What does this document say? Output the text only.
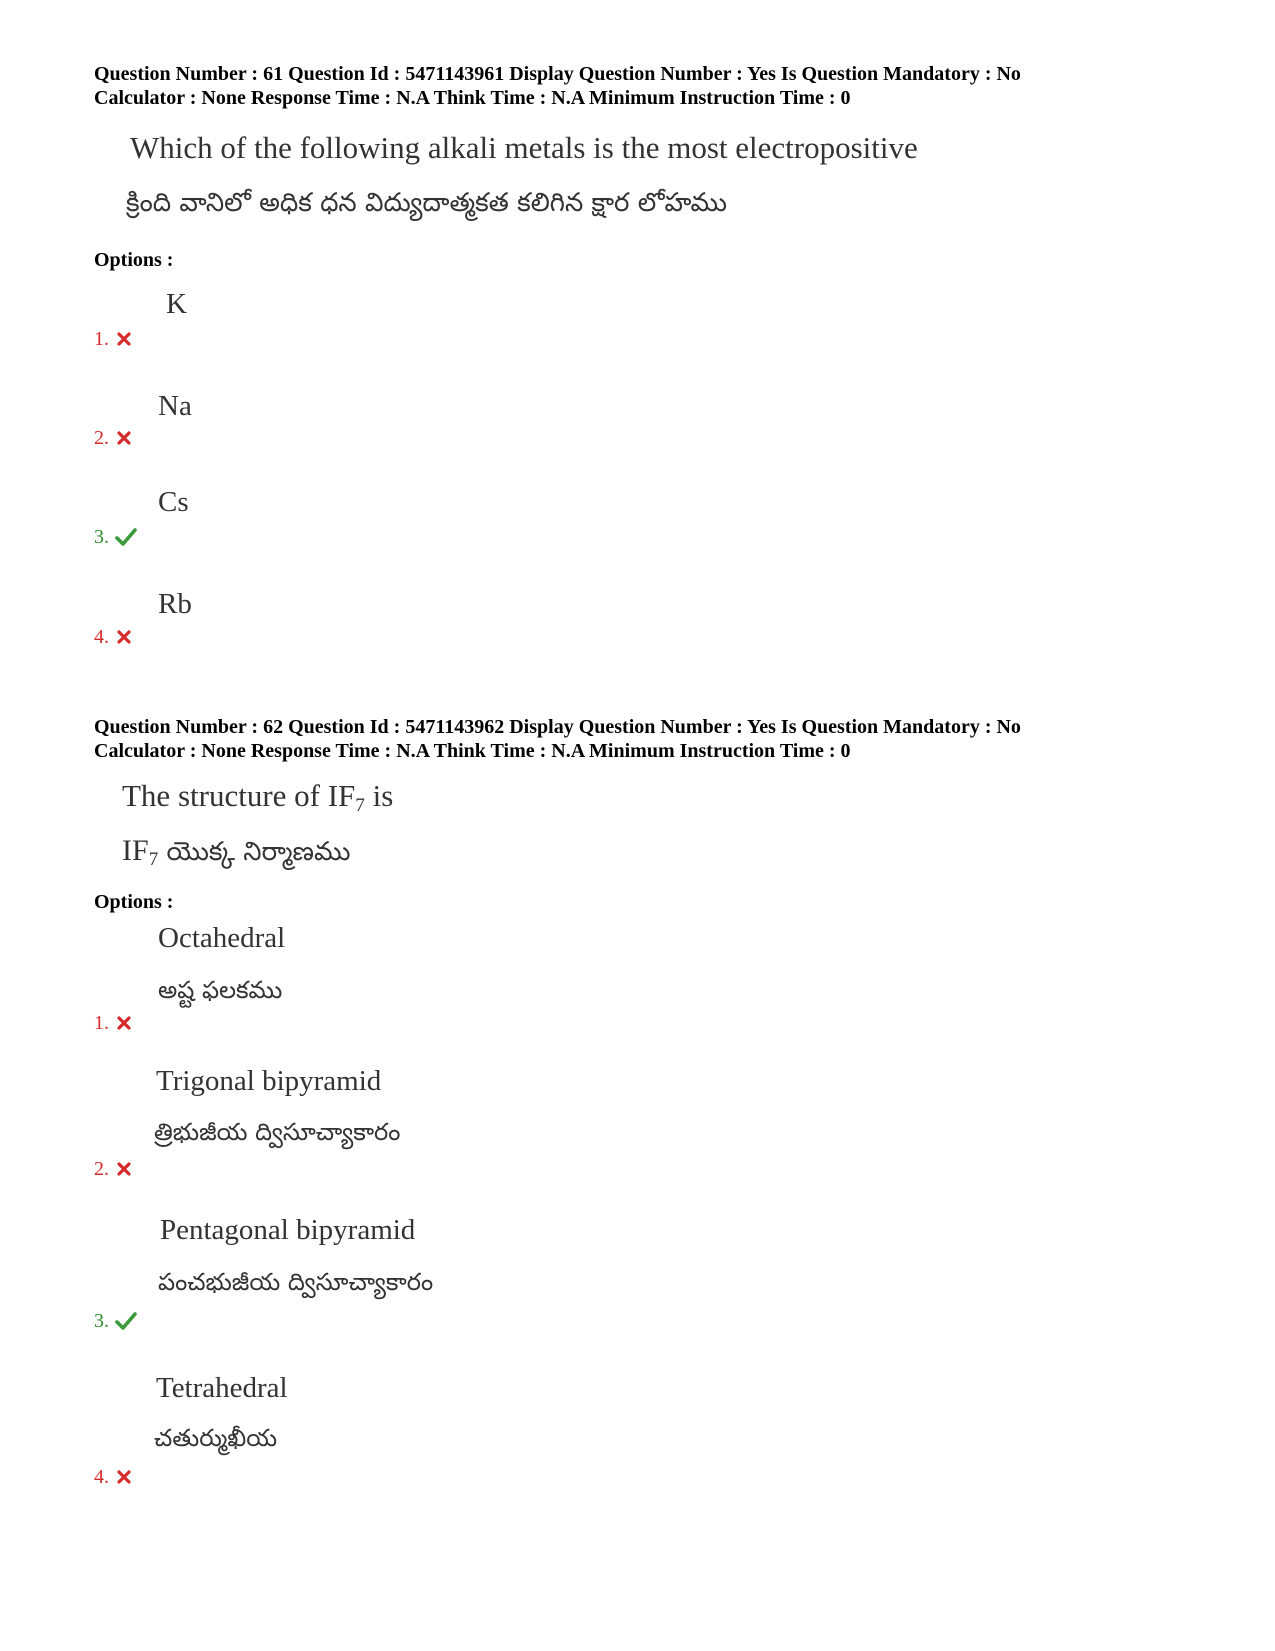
Question Number : 61 Question Id : 5471143961 Display Question Number : Yes Is Question Mandatory : No
Calculator : None Response Time : N.A Think Time : N.A Minimum Instruction Time : 0
Which of the following alkali metals is the most electropositive
క్రింది వానిలో అధిక ధన విద్యుదాత్మకత కలిగిన క్షార లోహము
Options :
K
1.
Na
2.
Cs
3.
Rb
4.
Question Number : 62 Question Id : 5471143962 Display Question Number : Yes Is Question Mandatory : No
Calculator : None Response Time : N.A Think Time : N.A Minimum Instruction Time : 0
The structure of $IF_7$ is
$IF_7$ యొక్క నిర్మాణము
Options :
Octahedral
అష్ట ఫలకము
1.
Trigonal bipyramid
త్రిభుజీయ ద్విసూచ్యాకారం
2.
Pentagonal bipyramid
పంచభుజీయ ద్విసూచ్యాకారం
3.
Tetrahedral
చతుర్ముఖీయ
4.
